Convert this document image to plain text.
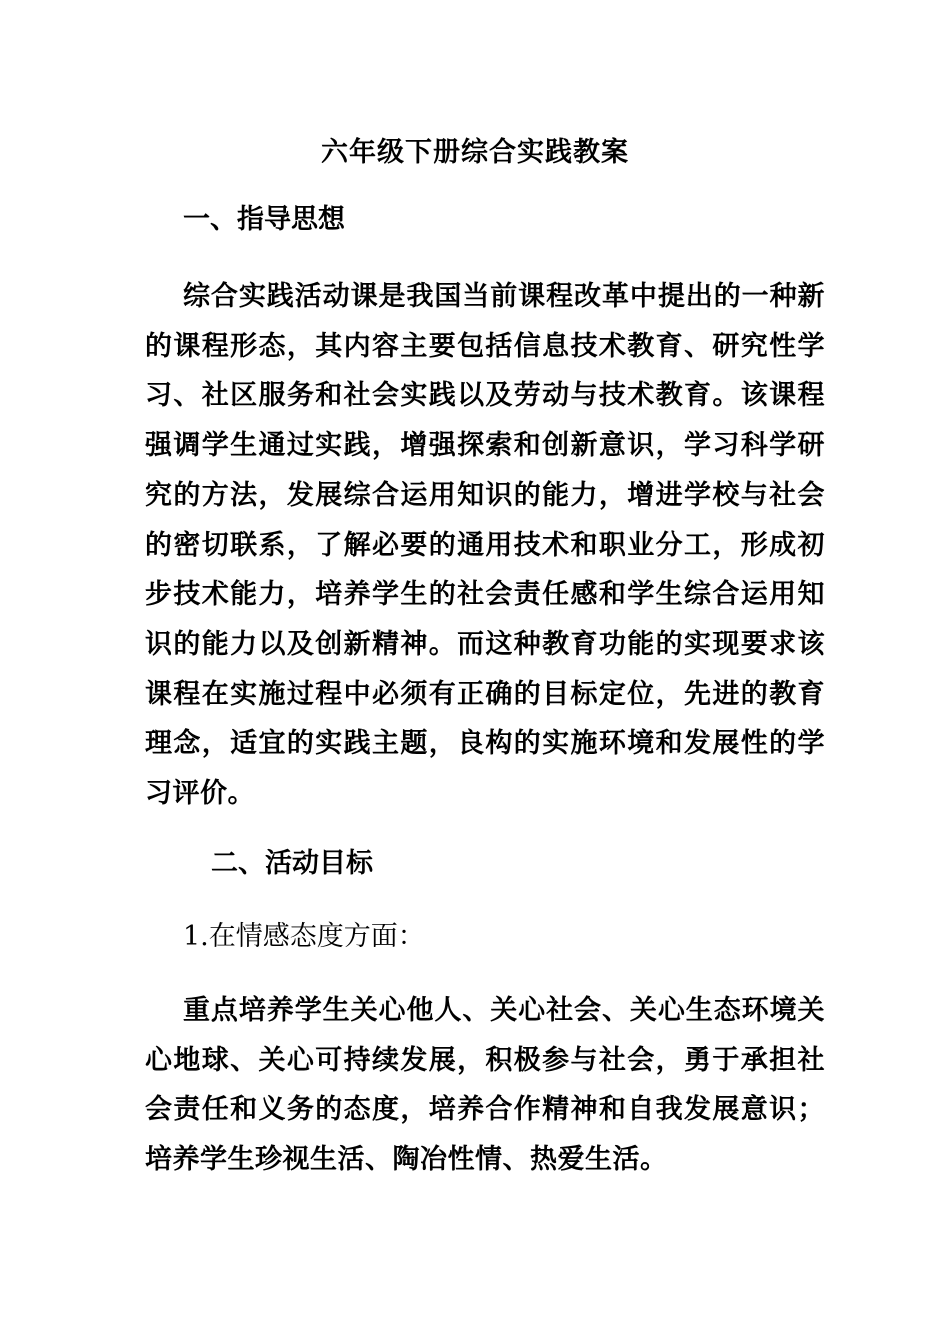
六年级下册综合实践教案
一、指导思想
综合实践活动课是我国当前课程改革中提出的一种新的课程形态，其内容主要包括信息技术教育、研究性学习、社区服务和社会实践以及劳动与技术教育。该课程强调学生通过实践，增强探索和创新意识，学习科学研究的方法，发展综合运用知识的能力，增进学校与社会的密切联系，了解必要的通用技术和职业分工，形成初步技术能力，培养学生的社会责任感和学生综合运用知识的能力以及创新精神。而这种教育功能的实现要求该课程在实施过程中必须有正确的目标定位，先进的教育理念，适宜的实践主题，良构的实施环境和发展性的学习评价。
二、活动目标
1.在情感态度方面：
重点培养学生关心他人、关心社会、关心生态环境关心地球、关心可持续发展，积极参与社会，勇于承担社会责任和义务的态度，培养合作精神和自我发展意识；培养学生珍视生活、陶冶性情、热爱生活。
